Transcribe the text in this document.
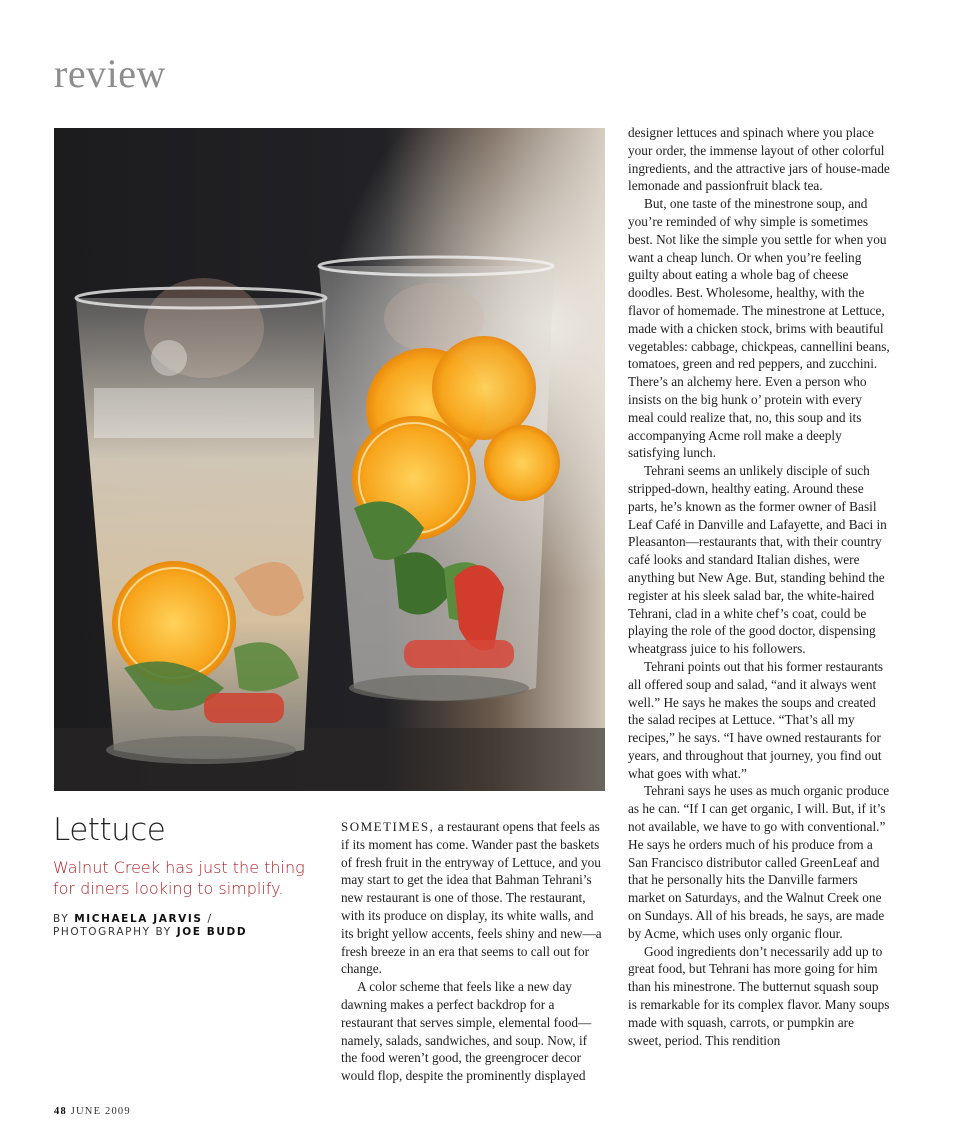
review
Lettuce
Walnut Creek has just the thing for diners looking to simplify.
BY MICHAELA JARVIS /
PHOTOGRAPHY BY JOE BUDD

SOMETIMES, a restaurant opens that feels as if its moment has come. Wander past the baskets of fresh fruit in the entryway of Lettuce, and you may start to get the idea that Bahman Tehrani’s new restaurant is one of those. The restaurant, with its produce on display, its white walls, and its bright yellow accents, feels shiny and new—a fresh breeze in an era that seems to call out for change.

A color scheme that feels like a new day dawning makes a perfect backdrop for a restaurant that serves simple, elemental food—namely, salads, sandwiches, and soup. Now, if the food weren’t good, the greengrocer decor would flop, despite the prominently displayed

designer lettuces and spinach where you place your order, the immense layout of other colorful ingredients, and the attractive jars of house-made lemonade and passionfruit black tea.

But, one taste of the minestrone soup, and you’re reminded of why simple is sometimes best. Not like the simple you settle for when you want a cheap lunch. Or when you’re feeling guilty about eating a whole bag of cheese doodles. Best. Wholesome, healthy, with the flavor of homemade. The minestrone at Lettuce, made with a chicken stock, brims with beautiful vegetables: cabbage, chickpeas, cannellini beans, tomatoes, green and red peppers, and zucchini. There’s an alchemy here. Even a person who insists on the big hunk o’ protein with every meal could realize that, no, this soup and its accompanying Acme roll make a deeply satisfying lunch.

Tehrani seems an unlikely disciple of such stripped-down, healthy eating. Around these parts, he’s known as the former owner of Basil Leaf Café in Danville and Lafayette, and Baci in Pleasanton—restaurants that, with their country café looks and standard Italian dishes, were anything but New Age. But, standing behind the register at his sleek salad bar, the white-haired Tehrani, clad in a white chef’s coat, could be playing the role of the good doctor, dispensing wheatgrass juice to his followers.

Tehrani points out that his former restaurants all offered soup and salad, “and it always went well.” He says he makes the soups and created the salad recipes at Lettuce. “That’s all my recipes,” he says. “I have owned restaurants for years, and throughout that journey, you find out what goes with what.”

Tehrani says he uses as much organic produce as he can. “If I can get organic, I will. But, if it’s not available, we have to go with conventional.” He says he orders much of his produce from a San Francisco distributor called GreenLeaf and that he personally hits the Danville farmers market on Saturdays, and the Walnut Creek one on Sundays. All of his breads, he says, are made by Acme, which uses only organic flour.

Good ingredients don’t necessarily add up to great food, but Tehrani has more going for him than his minestrone. The butternut squash soup is remarkable for its complex flavor. Many soups made with squash, carrots, or pumpkin are sweet, period. This rendition

48 JUNE 2009
